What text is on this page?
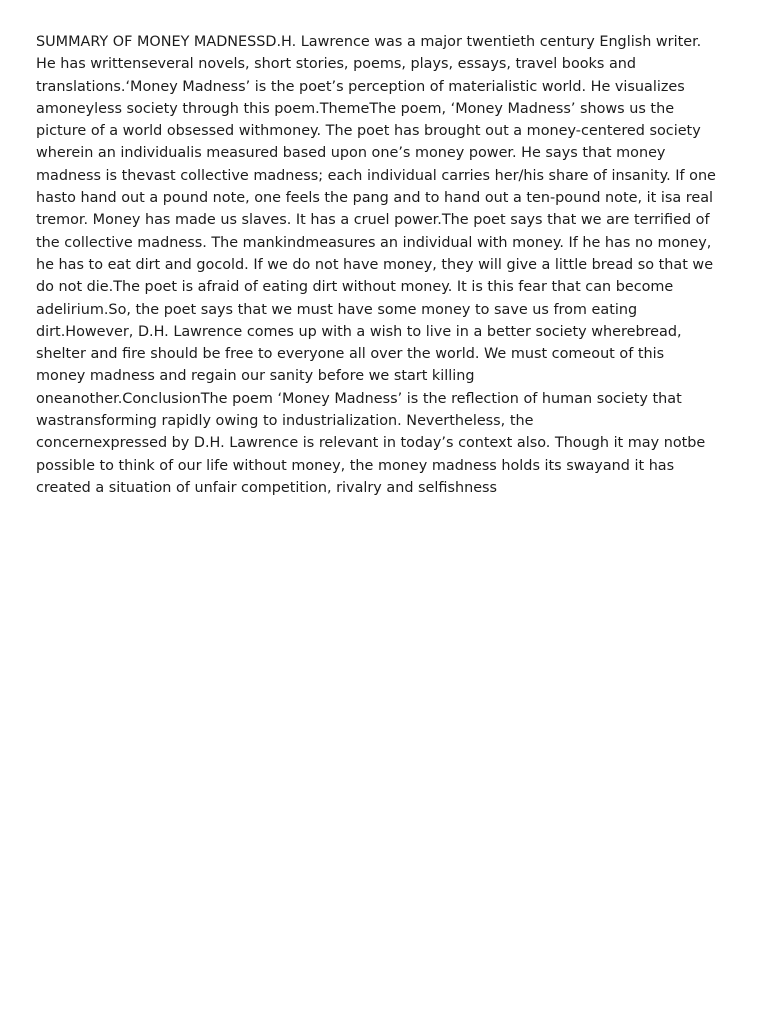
SUMMARY OF MONEY MADNESSD.H. Lawrence was a major twentieth century English writer.
He has writtenseveral novels, short stories, poems, plays, essays, travel books and
translations.‘Money Madness’ is the poet’s perception of materialistic world. He visualizes
amoneyless society through this poem.ThemeThe poem, ‘Money Madness’ shows us the
picture of a world obsessed withmoney. The poet has brought out a money-centered society
wherein an individualis measured based upon one’s money power. He says that money
madness is thevast collective madness; each individual carries her/his share of insanity. If one
hasto hand out a pound note, one feels the pang and to hand out a ten-pound note, it isa real
tremor. Money has made us slaves. It has a cruel power.The poet says that we are terrified of
the collective madness. The mankindmeasures an individual with money. If he has no money,
he has to eat dirt and gocold. If we do not have money, they will give a little bread so that we
do not die.The poet is afraid of eating dirt without money. It is this fear that can become
adelirium.So, the poet says that we must have some money to save us from eating
dirt.However, D.H. Lawrence comes up with a wish to live in a better society wherebread,
shelter and fire should be free to everyone all over the world. We must comeout of this
money madness and regain our sanity before we start killing
oneanother.ConclusionThe poem ‘Money Madness’ is the reflection of human society that
wastransforming rapidly owing to industrialization. Nevertheless, the
concernexpressed by D.H. Lawrence is relevant in today’s context also. Though it may notbe
possible to think of our life without money, the money madness holds its swayand it has
created a situation of unfair competition, rivalry and selfishness
